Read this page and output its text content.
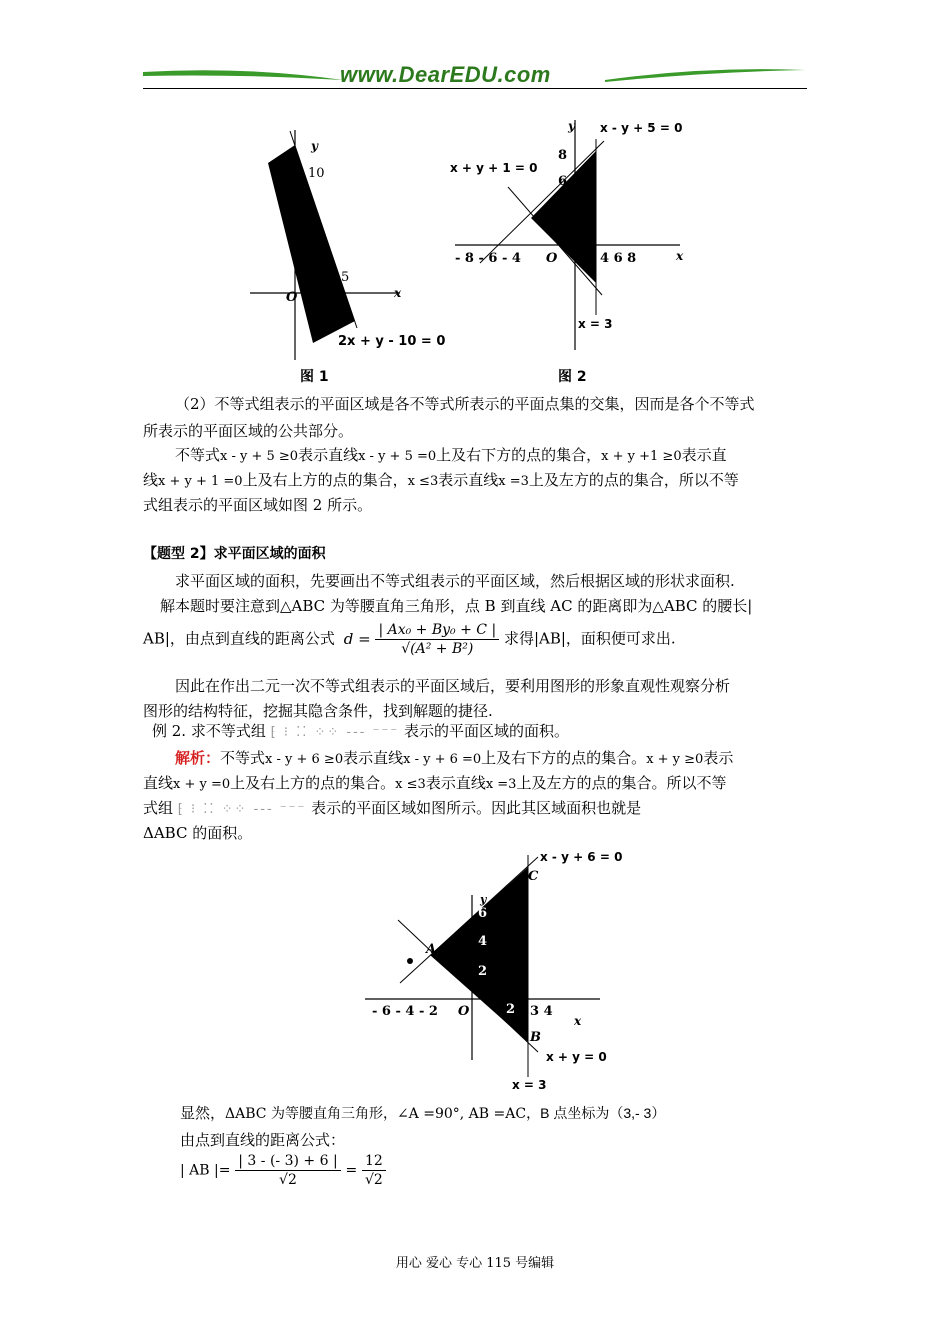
www.DearEDU.com
y
10
5
O	x
2x + y - 10 = 0
图 1
x - y + 5 = 0
x + y + 1 = 0
x = 3
y
8
6
- 8 - 6 - 4 O	4 6 8	x
图 2
（2）不等式组表示的平面区域是各不等式所表示的平面点集的交集，因而是各个不等式
所表示的平面区域的公共部分。
不等式x - y + 5 ≥0表示直线x - y + 5 =0上及右下方的点的集合，x + y +1 ≥0表示直
线x + y + 1 =0上及右上方的点的集合，x ≤3表示直线x =3上及左方的点的集合，所以不等
式组表示的平面区域如图 2 所示。
【题型 2】求平面区域的面积
求平面区域的面积，先要画出不等式组表示的平面区域，然后根据区域的形状求面积.
解本题时要注意到△ABC 为等腰直角三角形，点 B 到直线 AC 的距离即为△ABC 的腰长|
AB|，由点到直线的距离公式 $d = \frac{\text{| Ax₀ + By₀ + C |}}{\text{√(A² + B²)}}$ 求得|AB|，面积便可求出.
因此在作出二元一次不等式组表示的平面区域后，要利用图形的形象直观性观察分析
图形的结构特征，挖掘其隐含条件，找到解题的捷径.
例 2. 求不等式组 ⁅ ⁝ ⁚⁚ ⁘⁘ ‐‐‐ ⁻⁻⁻ 表示的平面区域的面积。
解析：不等式x - y + 6 ≥0表示直线x - y + 6 =0上及右下方的点的集合。x + y ≥0表示
直线x + y =0上及右上方的点的集合。x ≤3表示直线x =3上及左方的点的集合。所以不等
式组 ⁅ ⁝ ⁚⁚ ⁘⁘ ‐‐‐ ⁻⁻⁻ 表示的平面区域如图所示。因此其区域面积也就是
ΔABC 的面积。
x - y + 6 = 0
x + y = 0
x = 3
y
A
C
B
6
4
2
2
- 6 - 4 - 2 O	3 4
x
显然，ΔABC 为等腰直角三角形，∠A =90°, AB =AC，B 点坐标为（3,- 3）
由点到直线的距离公式：
| AB |= $\frac{| 3 - (- 3) + 6 |}{√2} = \frac{12}{√2}$
用心 爱心 专心 115 号编辑
